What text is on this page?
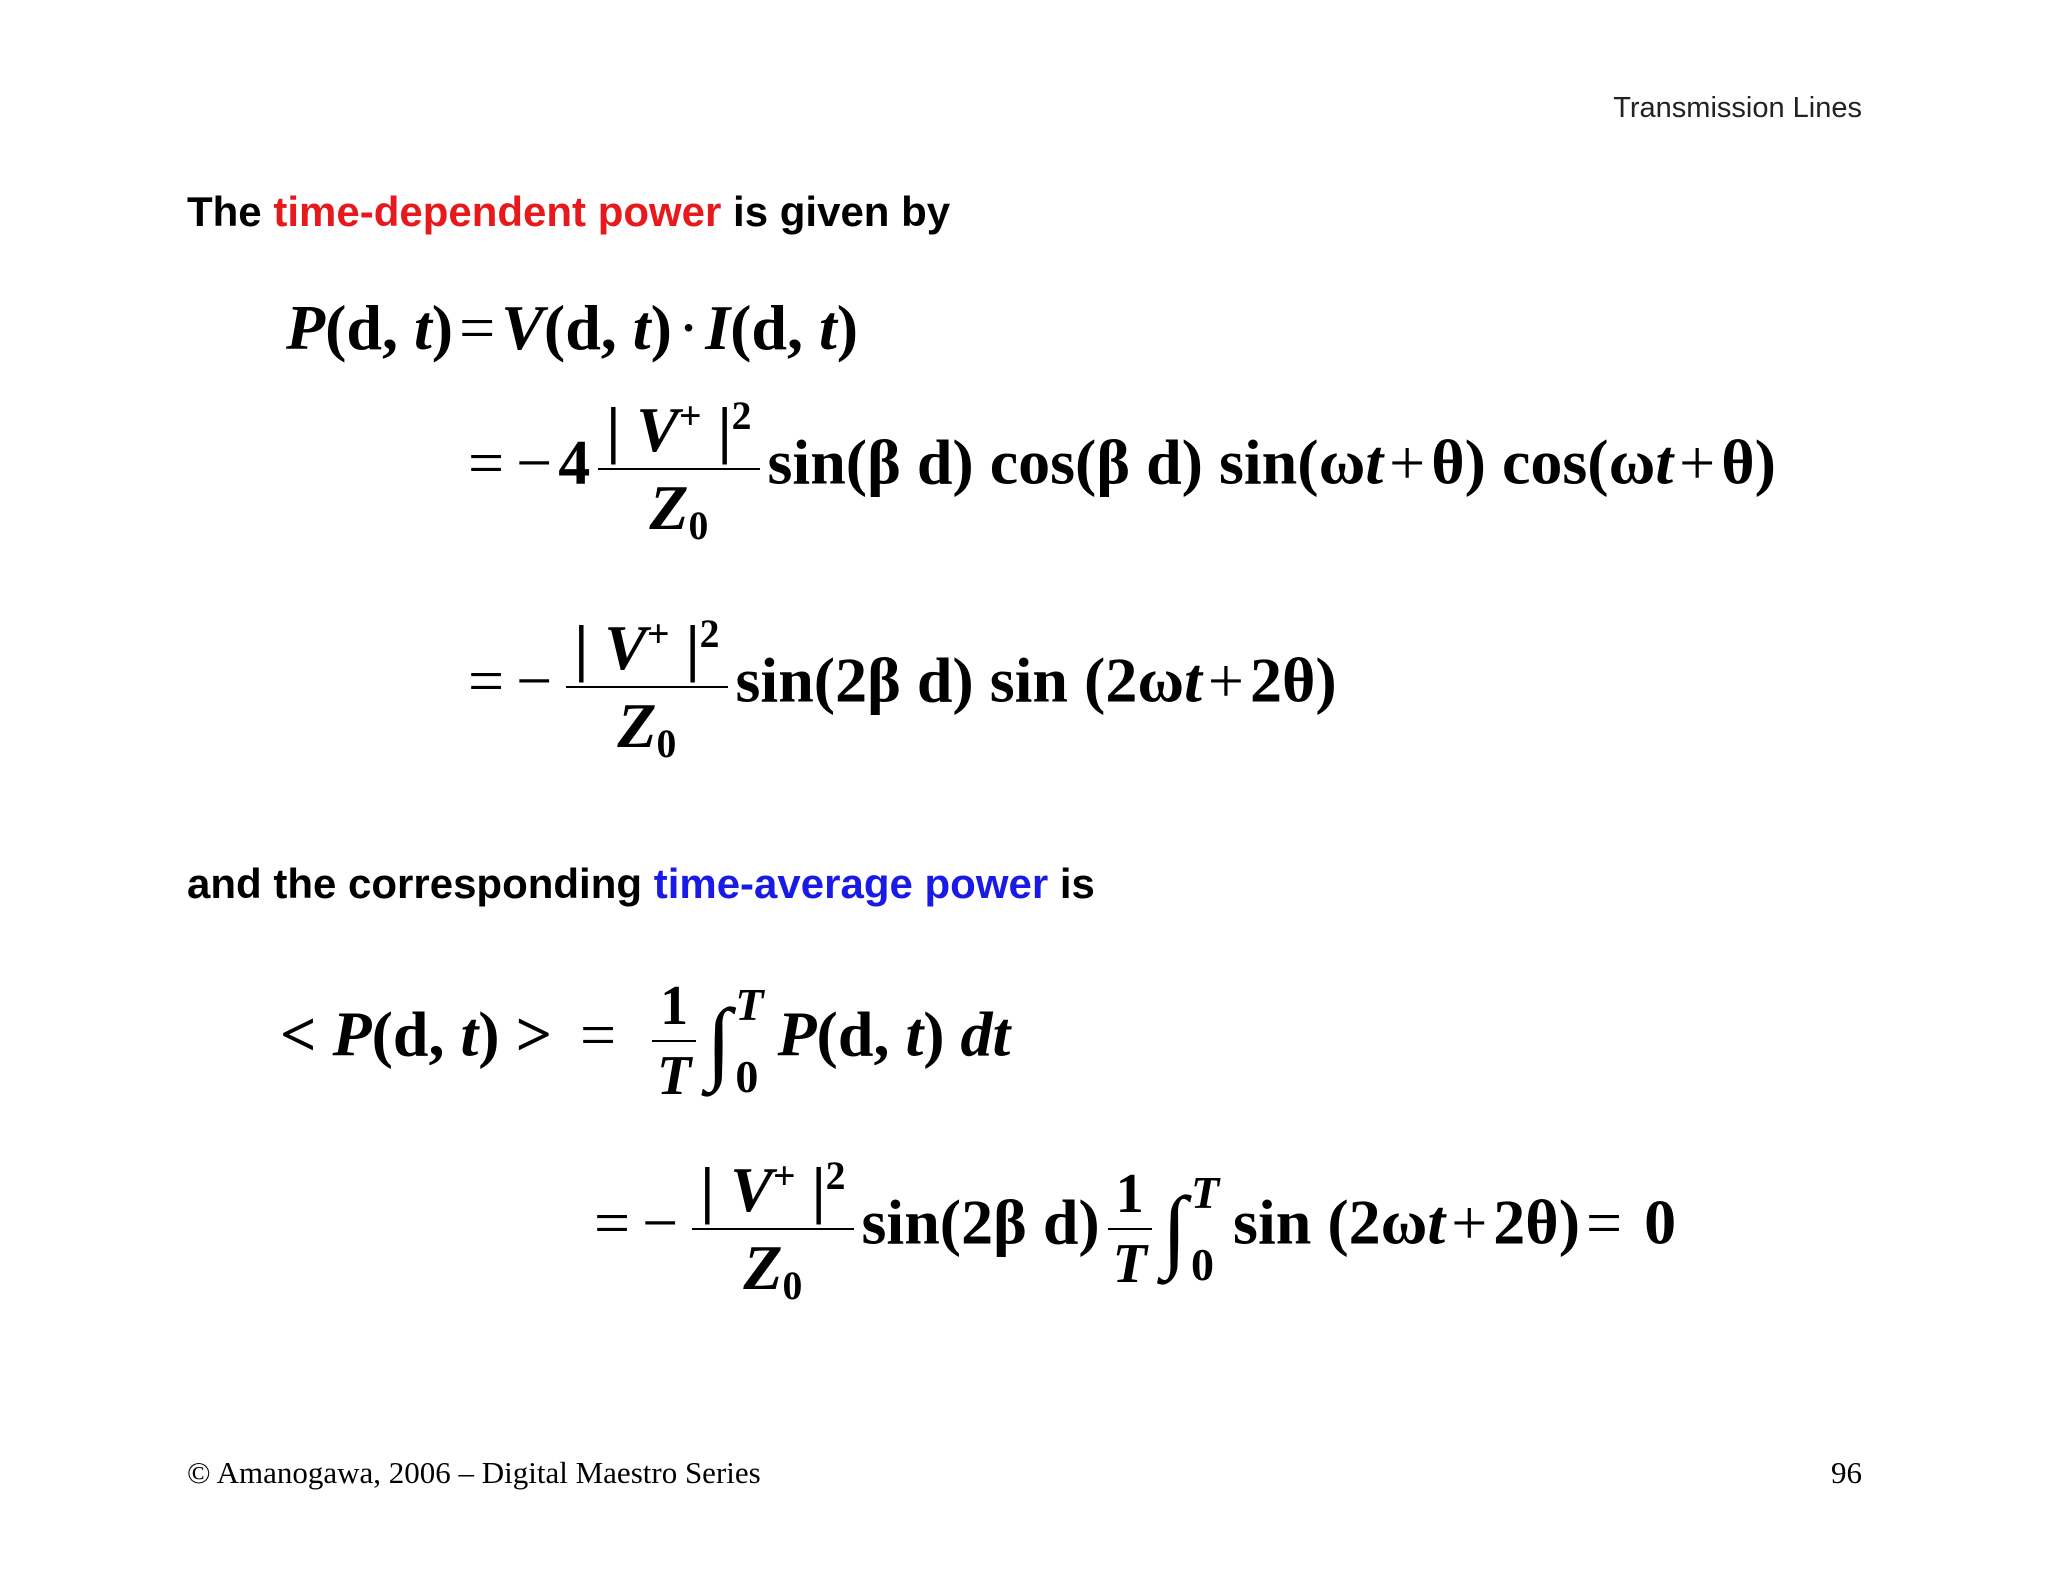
Transmission Lines
The time-dependent power is given by
P(d, t)=V(d, t)·I(d, t)
= $-4 \frac{| V^+ |^2}{Z_0} \sin(\beta$ d) cos(β d) sin(ωt+θ) cos(ωt+θ)
= − $\frac{| V^+ |^2}{Z_0} \sin(2\beta$ d) sin (2ωt+2θ)
and the corresponding time-average power is
< P(d, t) > = $\frac{1}{T}$ ∫ T
0
P(d, t) dt
= − $\frac{| V^+ |^2}{Z_0} \sin(2\beta$ $d) \frac{1}{T}$ ∫ T
0
sin (2ωt+2θ)= 0
© Amanogawa, 2006 – Digital Maestro Series	96
